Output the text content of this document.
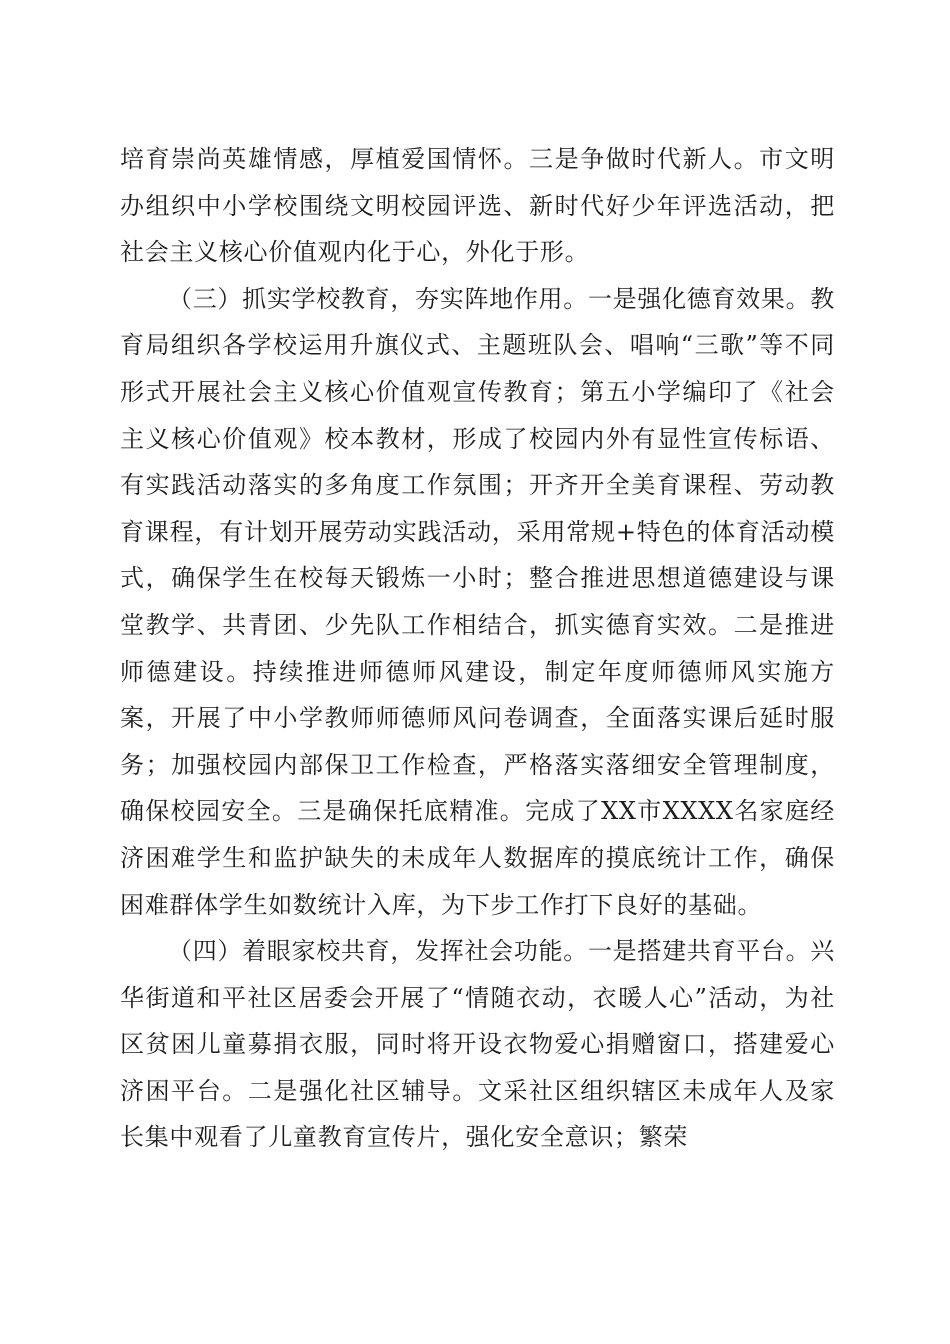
培育崇尚英雄情感，厚植爱国情怀。三是争做时代新人。市文明办组织中小学校围绕文明校园评选、新时代好少年评选活动，把社会主义核心价值观内化于心，外化于形。

（三）抓实学校教育，夯实阵地作用。一是强化德育效果。教育局组织各学校运用升旗仪式、主题班队会、唱响“三歌”等不同形式开展社会主义核心价值观宣传教育；第五小学编印了《社会主义核心价值观》校本教材，形成了校园内外有显性宣传标语、有实践活动落实的多角度工作氛围；开齐开全美育课程、劳动教育课程，有计划开展劳动实践活动，采用常规+特色的体育活动模式，确保学生在校每天锻炼一小时；整合推进思想道德建设与课堂教学、共青团、少先队工作相结合，抓实德育实效。二是推进师德建设。持续推进师德师风建设，制定年度师德师风实施方案，开展了中小学教师师德师风问卷调查，全面落实课后延时服务；加强校园内部保卫工作检查，严格落实落细安全管理制度，确保校园安全。三是确保托底精准。完成了XX市XXXX名家庭经济困难学生和监护缺失的未成年人数据库的摸底统计工作，确保困难群体学生如数统计入库，为下步工作打下良好的基础。

（四）着眼家校共育，发挥社会功能。一是搭建共育平台。兴华街道和平社区居委会开展了“情随衣动，衣暖人心”活动，为社区贫困儿童募捐衣服，同时将开设衣物爱心捐赠窗口，搭建爱心济困平台。二是强化社区辅导。文采社区组织辖区未成年人及家长集中观看了儿童教育宣传片，强化安全意识；繁荣
